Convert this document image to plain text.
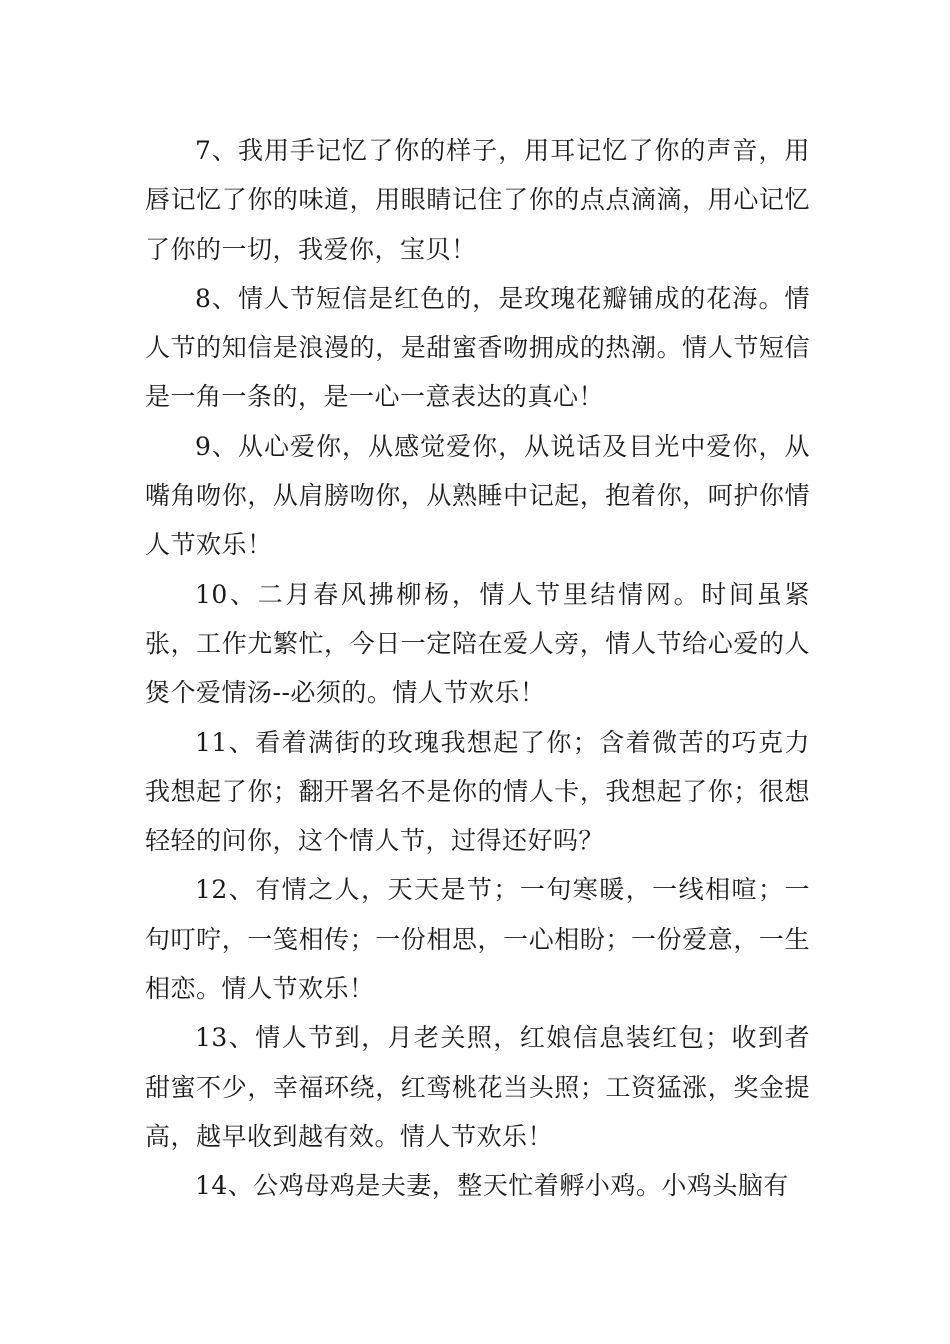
7、我用手记忆了你的样子，用耳记忆了你的声音，用唇记忆了你的味道，用眼睛记住了你的点点滴滴，用心记忆了你的一切，我爱你，宝贝！

8、情人节短信是红色的，是玫瑰花瓣铺成的花海。情人节的知信是浪漫的，是甜蜜香吻拥成的热潮。情人节短信是一角一条的，是一心一意表达的真心！

9、从心爱你，从感觉爱你，从说话及目光中爱你，从嘴角吻你，从肩膀吻你，从熟睡中记起，抱着你，呵护你情人节欢乐！

10、二月春风拂柳杨，情人节里结情网。时间虽紧张，工作尤繁忙，今日一定陪在爱人旁，情人节给心爱的人煲个爱情汤--必须的。情人节欢乐！

11、看着满街的玫瑰我想起了你；含着微苦的巧克力我想起了你；翻开署名不是你的情人卡，我想起了你；很想轻轻的问你，这个情人节，过得还好吗？

12、有情之人，天天是节；一句寒暖，一线相喧；一句叮咛，一笺相传；一份相思，一心相盼；一份爱意，一生相恋。情人节欢乐！

13、情人节到，月老关照，红娘信息装红包；收到者甜蜜不少，幸福环绕，红鸾桃花当头照；工资猛涨，奖金提高，越早收到越有效。情人节欢乐！

14、公鸡母鸡是夫妻，整天忙着孵小鸡。小鸡头脑有
